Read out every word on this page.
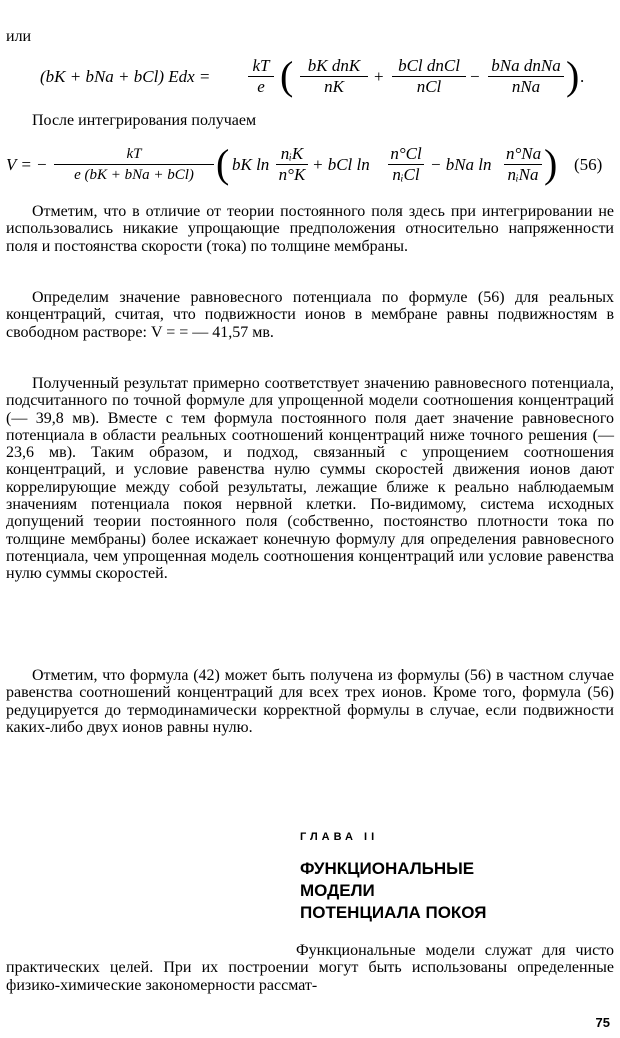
или
(bK + bNa + bCl) Edx = $\frac{kT}{e}$ ( bK dnK
nK
+
bCl dnCl
nCl
−
bNa dnNa
nNa ) .
После интегрирования получаем
V = −
kT
e (bK + bNa + bCl) ( bK ln
nᵢK
n°K
+ bCl ln
n°Cl
nᵢCl
− bNa ln
n°Na
nᵢNa ) (56)

Отметим, что в отличие от теории постоянного поля здесь при интегрировании не использовались никакие упрощающие предположения относительно напряженности поля и постоянства скорости (тока) по толщине мембраны.

Определим значение равновесного потенциала по формуле (56) для реальных концентраций, считая, что подвижности ионов в мембране равны подвижностям в свободном растворе: V = = — 41,57 мв.

Полученный результат примерно соответствует значению равновесного потенциала, подсчитанного по точной формуле для упрощенной модели соотношения концентраций (— 39,8 мв). Вместе с тем формула постоянного поля дает значение равновесного потенциала в области реальных соотношений концентраций ниже точного решения (— 23,6 мв). Таким образом, и подход, связанный с упрощением соотношения концентраций, и условие равенства нулю суммы скоростей движения ионов дают коррелирующие между собой результаты, лежащие ближе к реально наблюдаемым значениям потенциала покоя нервной клетки. По-видимому, система исходных допущений теории постоянного поля (собственно, постоянство плотности тока по толщине мембраны) более искажает конечную формулу для определения равновесного потенциала, чем упрощенная модель соотношения концентраций или условие равенства нулю суммы скоростей.

Отметим, что формула (42) может быть получена из формулы (56) в частном случае равенства соотношений концентраций для всех трех ионов. Кроме того, формула (56) редуцируется до термодинамически корректной формулы в случае, если подвижности каких-либо двух ионов равны нулю.

ГЛАВА II
ФУНКЦИОНАЛЬНЫЕ
МОДЕЛИ
ПОТЕНЦИАЛА ПОКОЯ

Функциональные модели служат для чисто практических целей. При их построении могут быть использованы определенные физико-химические закономерности рассмат-

75
